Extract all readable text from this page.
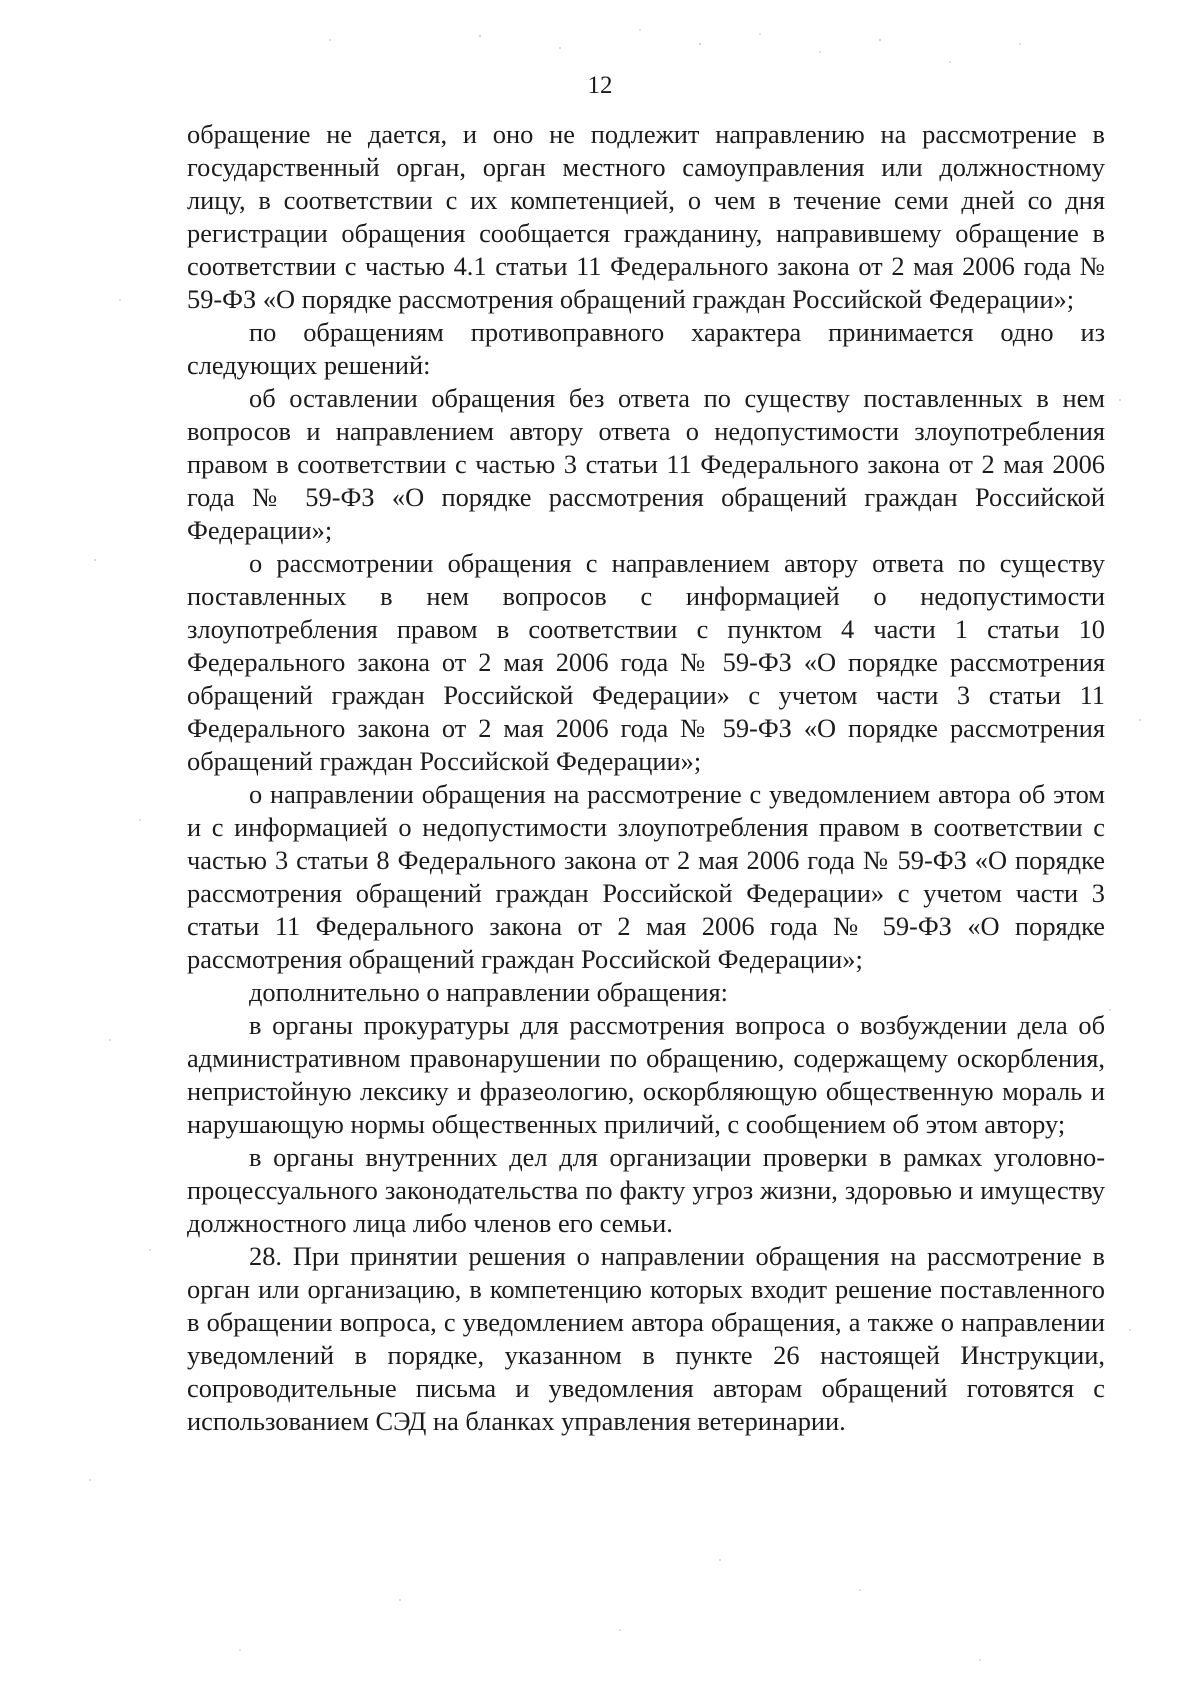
12

обращение не дается, и оно не подлежит направлению на рассмотрение в государственный орган, орган местного самоуправления или должностному лицу, в соответствии с их компетенцией, о чем в течение семи дней со дня регистрации обращения сообщается гражданину, направившему обращение в соответствии с частью 4.1 статьи 11 Федерального закона от 2 мая 2006 года № 59-ФЗ «О порядке рассмотрения обращений граждан Российской Федерации»;

по обращениям противоправного характера принимается одно из следующих решений:

об оставлении обращения без ответа по существу поставленных в нем вопросов и направлением автору ответа о недопустимости злоупотребления правом в соответствии с частью 3 статьи 11 Федерального закона от 2 мая 2006 года № 59-ФЗ «О порядке рассмотрения обращений граждан Российской Федерации»;

о рассмотрении обращения с направлением автору ответа по существу поставленных в нем вопросов с информацией о недопустимости злоупотребления правом в соответствии с пунктом 4 части 1 статьи 10 Федерального закона от 2 мая 2006 года № 59-ФЗ «О порядке рассмотрения обращений граждан Российской Федерации» с учетом части 3 статьи 11 Федерального закона от 2 мая 2006 года № 59-ФЗ «О порядке рассмотрения обращений граждан Российской Федерации»;

о направлении обращения на рассмотрение с уведомлением автора об этом и с информацией о недопустимости злоупотребления правом в соответствии с частью 3 статьи 8 Федерального закона от 2 мая 2006 года № 59-ФЗ «О порядке рассмотрения обращений граждан Российской Федерации» с учетом части 3 статьи 11 Федерального закона от 2 мая 2006 года № 59-ФЗ «О порядке рассмотрения обращений граждан Российской Федерации»;

дополнительно о направлении обращения:

в органы прокуратуры для рассмотрения вопроса о возбуждении дела об административном правонарушении по обращению, содержащему оскорбления, непристойную лексику и фразеологию, оскорбляющую общественную мораль и нарушающую нормы общественных приличий, с сообщением об этом автору;

в органы внутренних дел для организации проверки в рамках уголовно-процессуального законодательства по факту угроз жизни, здоровью и имуществу должностного лица либо членов его семьи.

28. При принятии решения о направлении обращения на рассмотрение в орган или организацию, в компетенцию которых входит решение поставленного в обращении вопроса, с уведомлением автора обращения, а также о направлении уведомлений в порядке, указанном в пункте 26 настоящей Инструкции, сопроводительные письма и уведомления авторам обращений готовятся с использованием СЭД на бланках управления ветеринарии.
